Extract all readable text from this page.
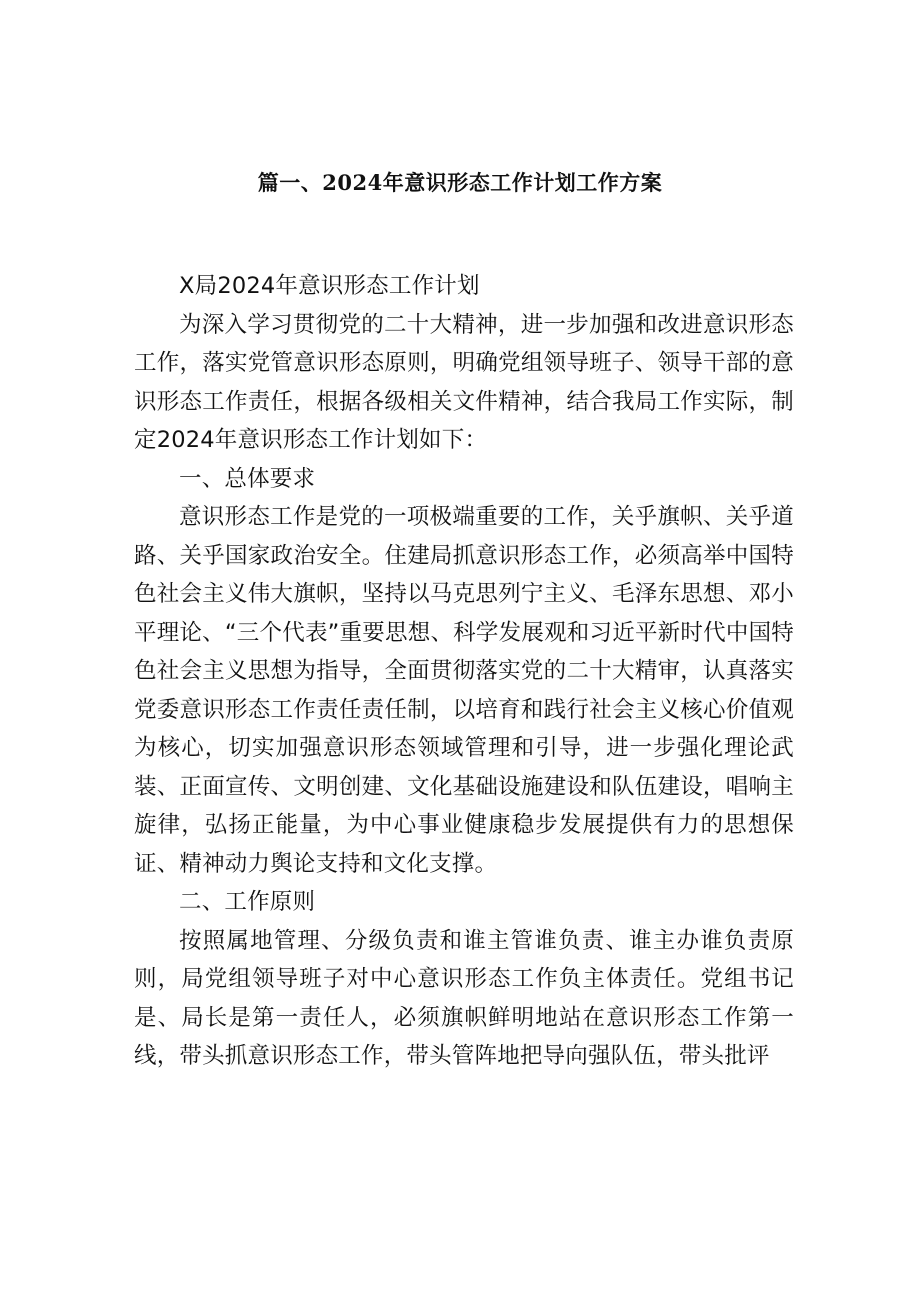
篇一、2024年意识形态工作计划工作方案

X局2024年意识形态工作计划

为深入学习贯彻党的二十大精神，进一步加强和改进意识形态工作，落实党管意识形态原则，明确党组领导班子、领导干部的意识形态工作责任，根据各级相关文件精神，结合我局工作实际，制定2024年意识形态工作计划如下：

一、总体要求

意识形态工作是党的一项极端重要的工作，关乎旗帜、关乎道路、关乎国家政治安全。住建局抓意识形态工作，必须高举中国特色社会主义伟大旗帜，坚持以马克思列宁主义、毛泽东思想、邓小平理论、“三个代表”重要思想、科学发展观和习近平新时代中国特色社会主义思想为指导，全面贯彻落实党的二十大精审，认真落实党委意识形态工作责任责任制，以培育和践行社会主义核心价值观为核心，切实加强意识形态领域管理和引导，进一步强化理论武装、正面宣传、文明创建、文化基础设施建设和队伍建设，唱响主旋律，弘扬正能量，为中心事业健康稳步发展提供有力的思想保证、精神动力舆论支持和文化支撑。

二、工作原则

按照属地管理、分级负责和谁主管谁负责、谁主办谁负责原则，局党组领导班子对中心意识形态工作负主体责任。党组书记是、局长是第一责任人，必须旗帜鲜明地站在意识形态工作第一线，带头抓意识形态工作，带头管阵地把导向强队伍，带头批评
